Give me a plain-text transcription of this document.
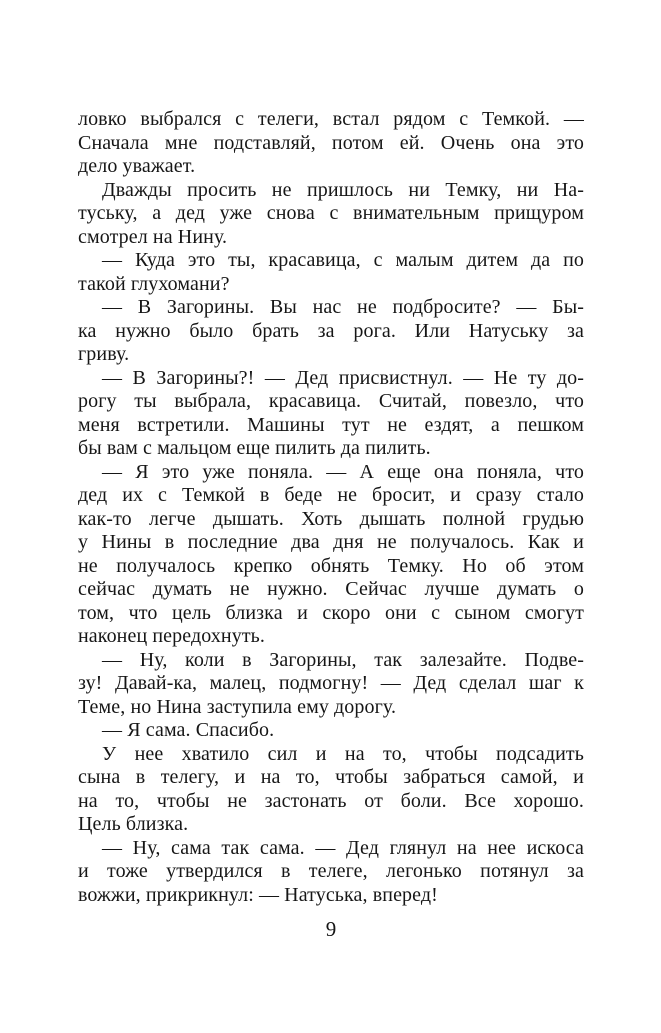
ловко выбрался с телеги, встал рядом с Темкой. —
Сначала мне подставляй, потом ей. Очень она это
дело уважает.
Дважды просить не пришлось ни Темку, ни На-
туську, а дед уже снова с внимательным прищуром
смотрел на Нину.
— Куда это ты, красавица, с малым дитем да по
такой глухомани?
— В Загорины. Вы нас не подбросите? — Бы-
ка нужно было брать за рога. Или Натуську за
гриву.
— В Загорины?! — Дед присвистнул. — Не ту до-
рогу ты выбрала, красавица. Считай, повезло, что
меня встретили. Машины тут не ездят, а пешком
бы вам с мальцом еще пилить да пилить.
— Я это уже поняла. — А еще она поняла, что
дед их с Темкой в беде не бросит, и сразу стало
как-то легче дышать. Хоть дышать полной грудью
у Нины в последние два дня не получалось. Как и
не получалось крепко обнять Темку. Но об этом
сейчас думать не нужно. Сейчас лучше думать о
том, что цель близка и скоро они с сыном смогут
наконец передохнуть.
— Ну, коли в Загорины, так залезайте. Подве-
зу! Давай-ка, малец, подмогну! — Дед сделал шаг к
Теме, но Нина заступила ему дорогу.
— Я сама. Спасибо.
У нее хватило сил и на то, чтобы подсадить
сына в телегу, и на то, чтобы забраться самой, и
на то, чтобы не застонать от боли. Все хорошо.
Цель близка.
— Ну, сама так сама. — Дед глянул на нее искоса
и тоже утвердился в телеге, легонько потянул за
вожжи, прикрикнул: — Натуська, вперед!
9
